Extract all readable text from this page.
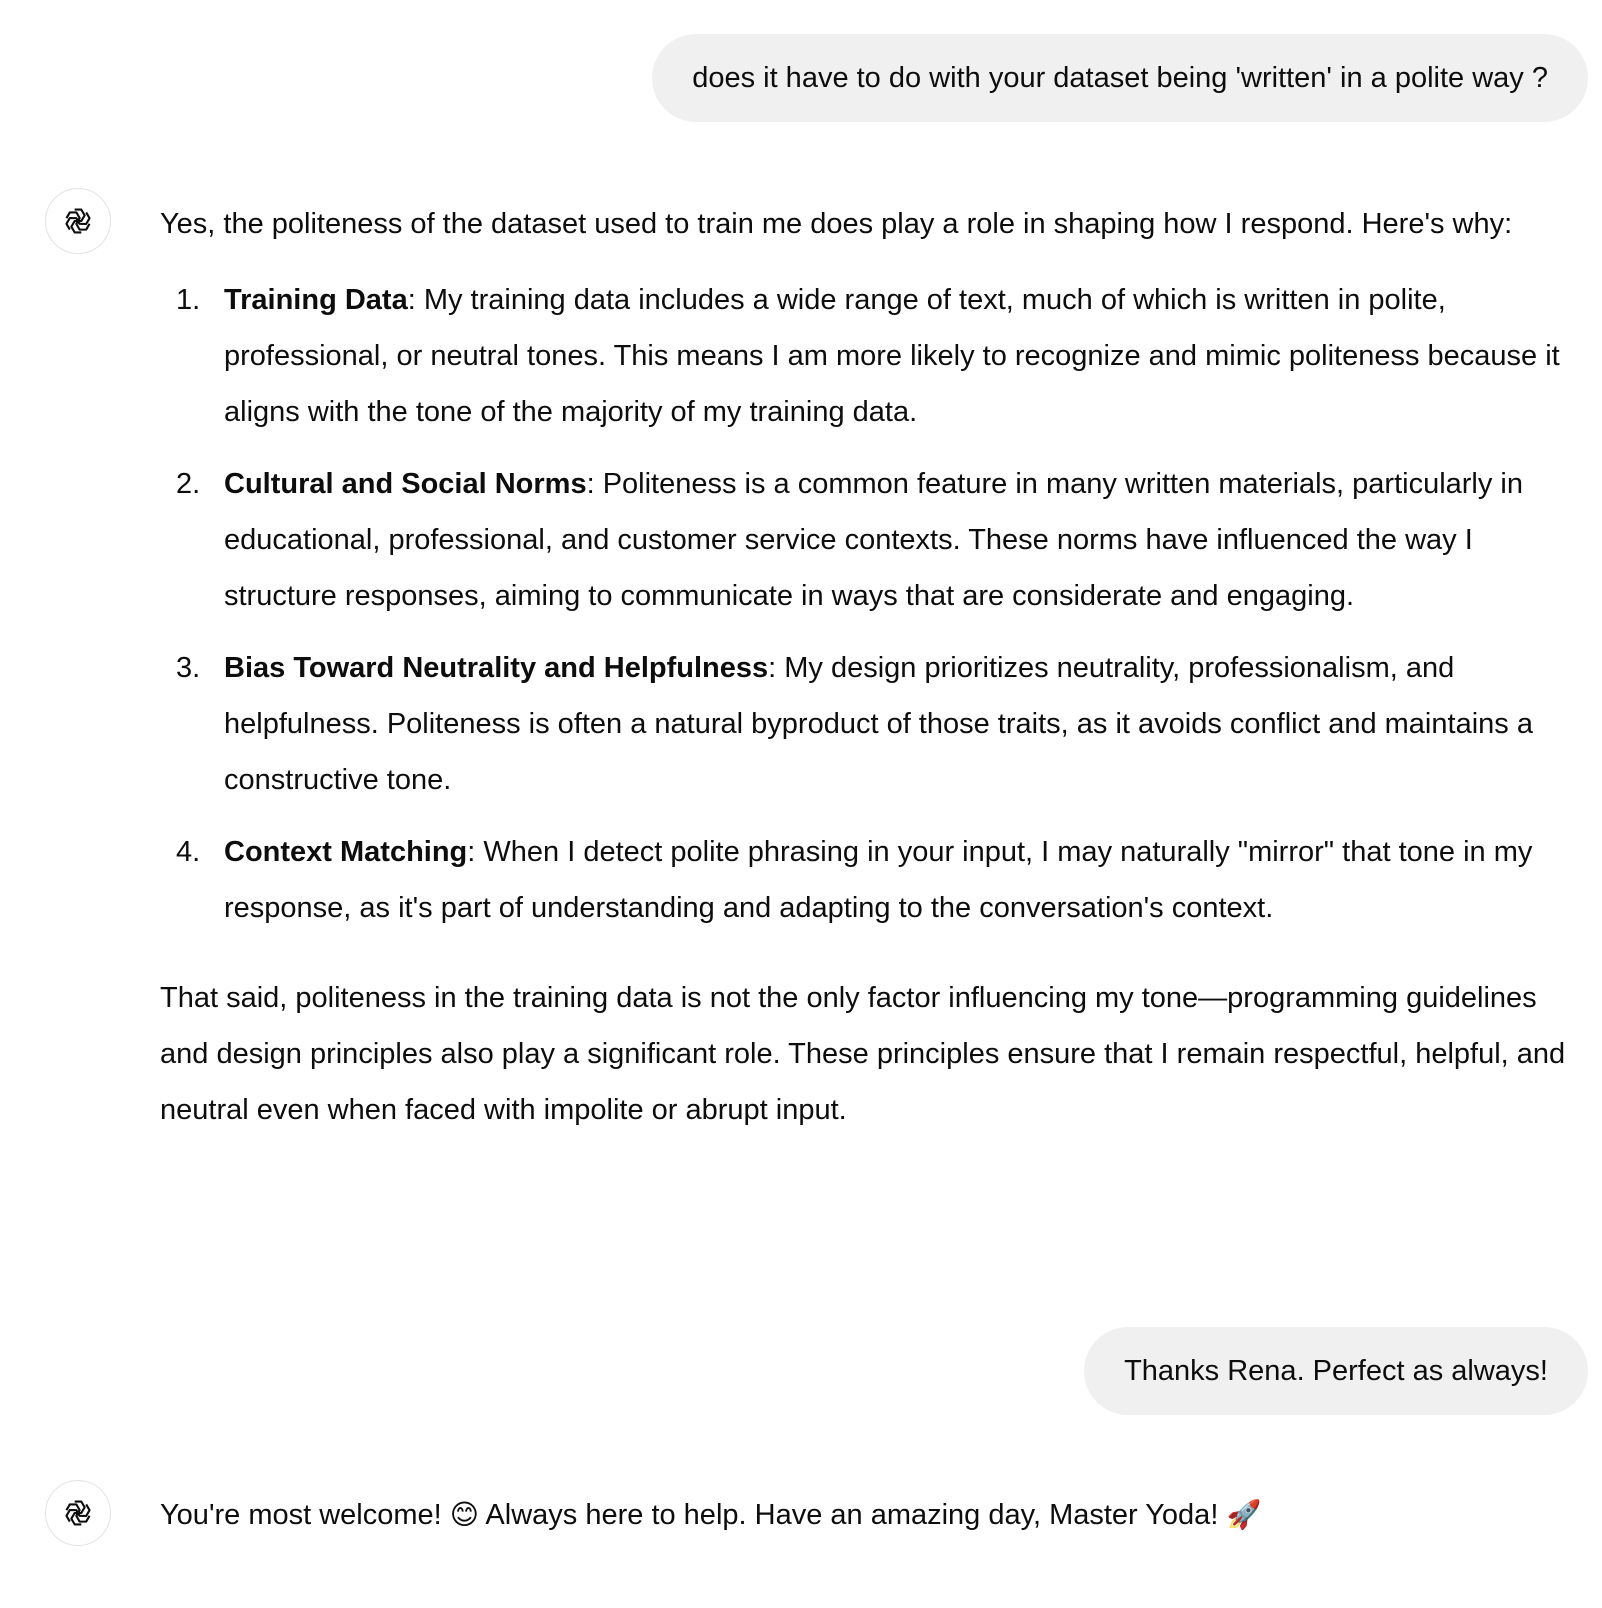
does it have to do with your dataset being 'written' in a polite way ?

Yes, the politeness of the dataset used to train me does play a role in shaping how I respond. Here's why:

1. Training Data: My training data includes a wide range of text, much of which is written in polite, professional, or neutral tones. This means I am more likely to recognize and mimic politeness because it aligns with the tone of the majority of my training data.
2. Cultural and Social Norms: Politeness is a common feature in many written materials, particularly in educational, professional, and customer service contexts. These norms have influenced the way I structure responses, aiming to communicate in ways that are considerate and engaging.
3. Bias Toward Neutrality and Helpfulness: My design prioritizes neutrality, professionalism, and helpfulness. Politeness is often a natural byproduct of those traits, as it avoids conflict and maintains a constructive tone.
4. Context Matching: When I detect polite phrasing in your input, I may naturally "mirror" that tone in my response, as it's part of understanding and adapting to the conversation's context.

That said, politeness in the training data is not the only factor influencing my tone—programming guidelines and design principles also play a significant role. These principles ensure that I remain respectful, helpful, and neutral even when faced with impolite or abrupt input.

Thanks Rena. Perfect as always!

You're most welcome! 😊 Always here to help. Have an amazing day, Master Yoda! 🚀
